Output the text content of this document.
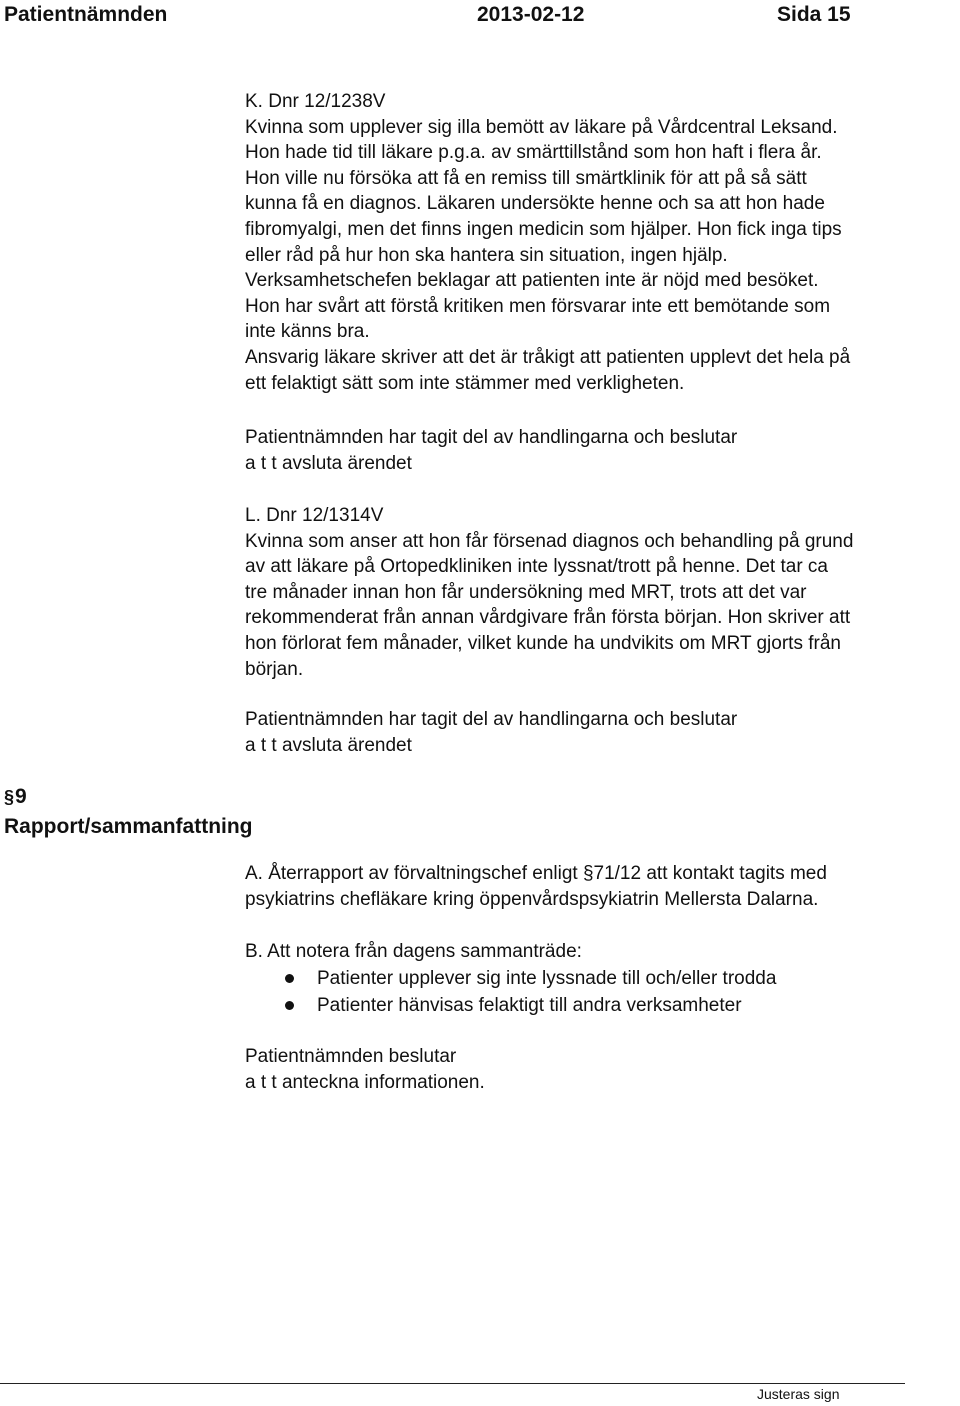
Patientnämnden	2013-02-12	Sida 15
K. Dnr 12/1238V
Kvinna som upplever sig illa bemött av läkare på Vårdcentral Leksand.
Hon hade tid till läkare p.g.a. av smärttillstånd som hon haft i flera år.
Hon ville nu försöka att få en remiss till smärtklinik för att på så sätt
kunna få en diagnos. Läkaren undersökte henne och sa att hon hade
fibromyalgi, men det finns ingen medicin som hjälper. Hon fick inga tips
eller råd på hur hon ska hantera sin situation, ingen hjälp.
Verksamhetschefen beklagar att patienten inte är nöjd med besöket.
Hon har svårt att förstå kritiken men försvarar inte ett bemötande som
inte känns bra.
Ansvarig läkare skriver att det är tråkigt att patienten upplevt det hela på
ett felaktigt sätt som inte stämmer med verkligheten.
Patientnämnden har tagit del av handlingarna och beslutar
a t t avsluta ärendet
L. Dnr 12/1314V
Kvinna som anser att hon får försenad diagnos och behandling på grund
av att läkare på Ortopedkliniken inte lyssnat/trott på henne. Det tar ca
tre månader innan hon får undersökning med MRT, trots att det var
rekommenderat från annan vårdgivare från första början. Hon skriver att
hon förlorat fem månader, vilket kunde ha undvikits om MRT gjorts från
början.
Patientnämnden har tagit del av handlingarna och beslutar
a t t avsluta ärendet
§9
Rapport/sammanfattning
A. Återrapport av förvaltningschef enligt §71/12 att kontakt tagits med
psykiatrins chefläkare kring öppenvårdspsykiatrin Mellersta Dalarna.
B. Att notera från dagens sammanträde:
Patienter upplever sig inte lyssnade till och/eller trodda
Patienter hänvisas felaktigt till andra verksamheter
Patientnämnden beslutar
a t t anteckna informationen.
Justeras sign
